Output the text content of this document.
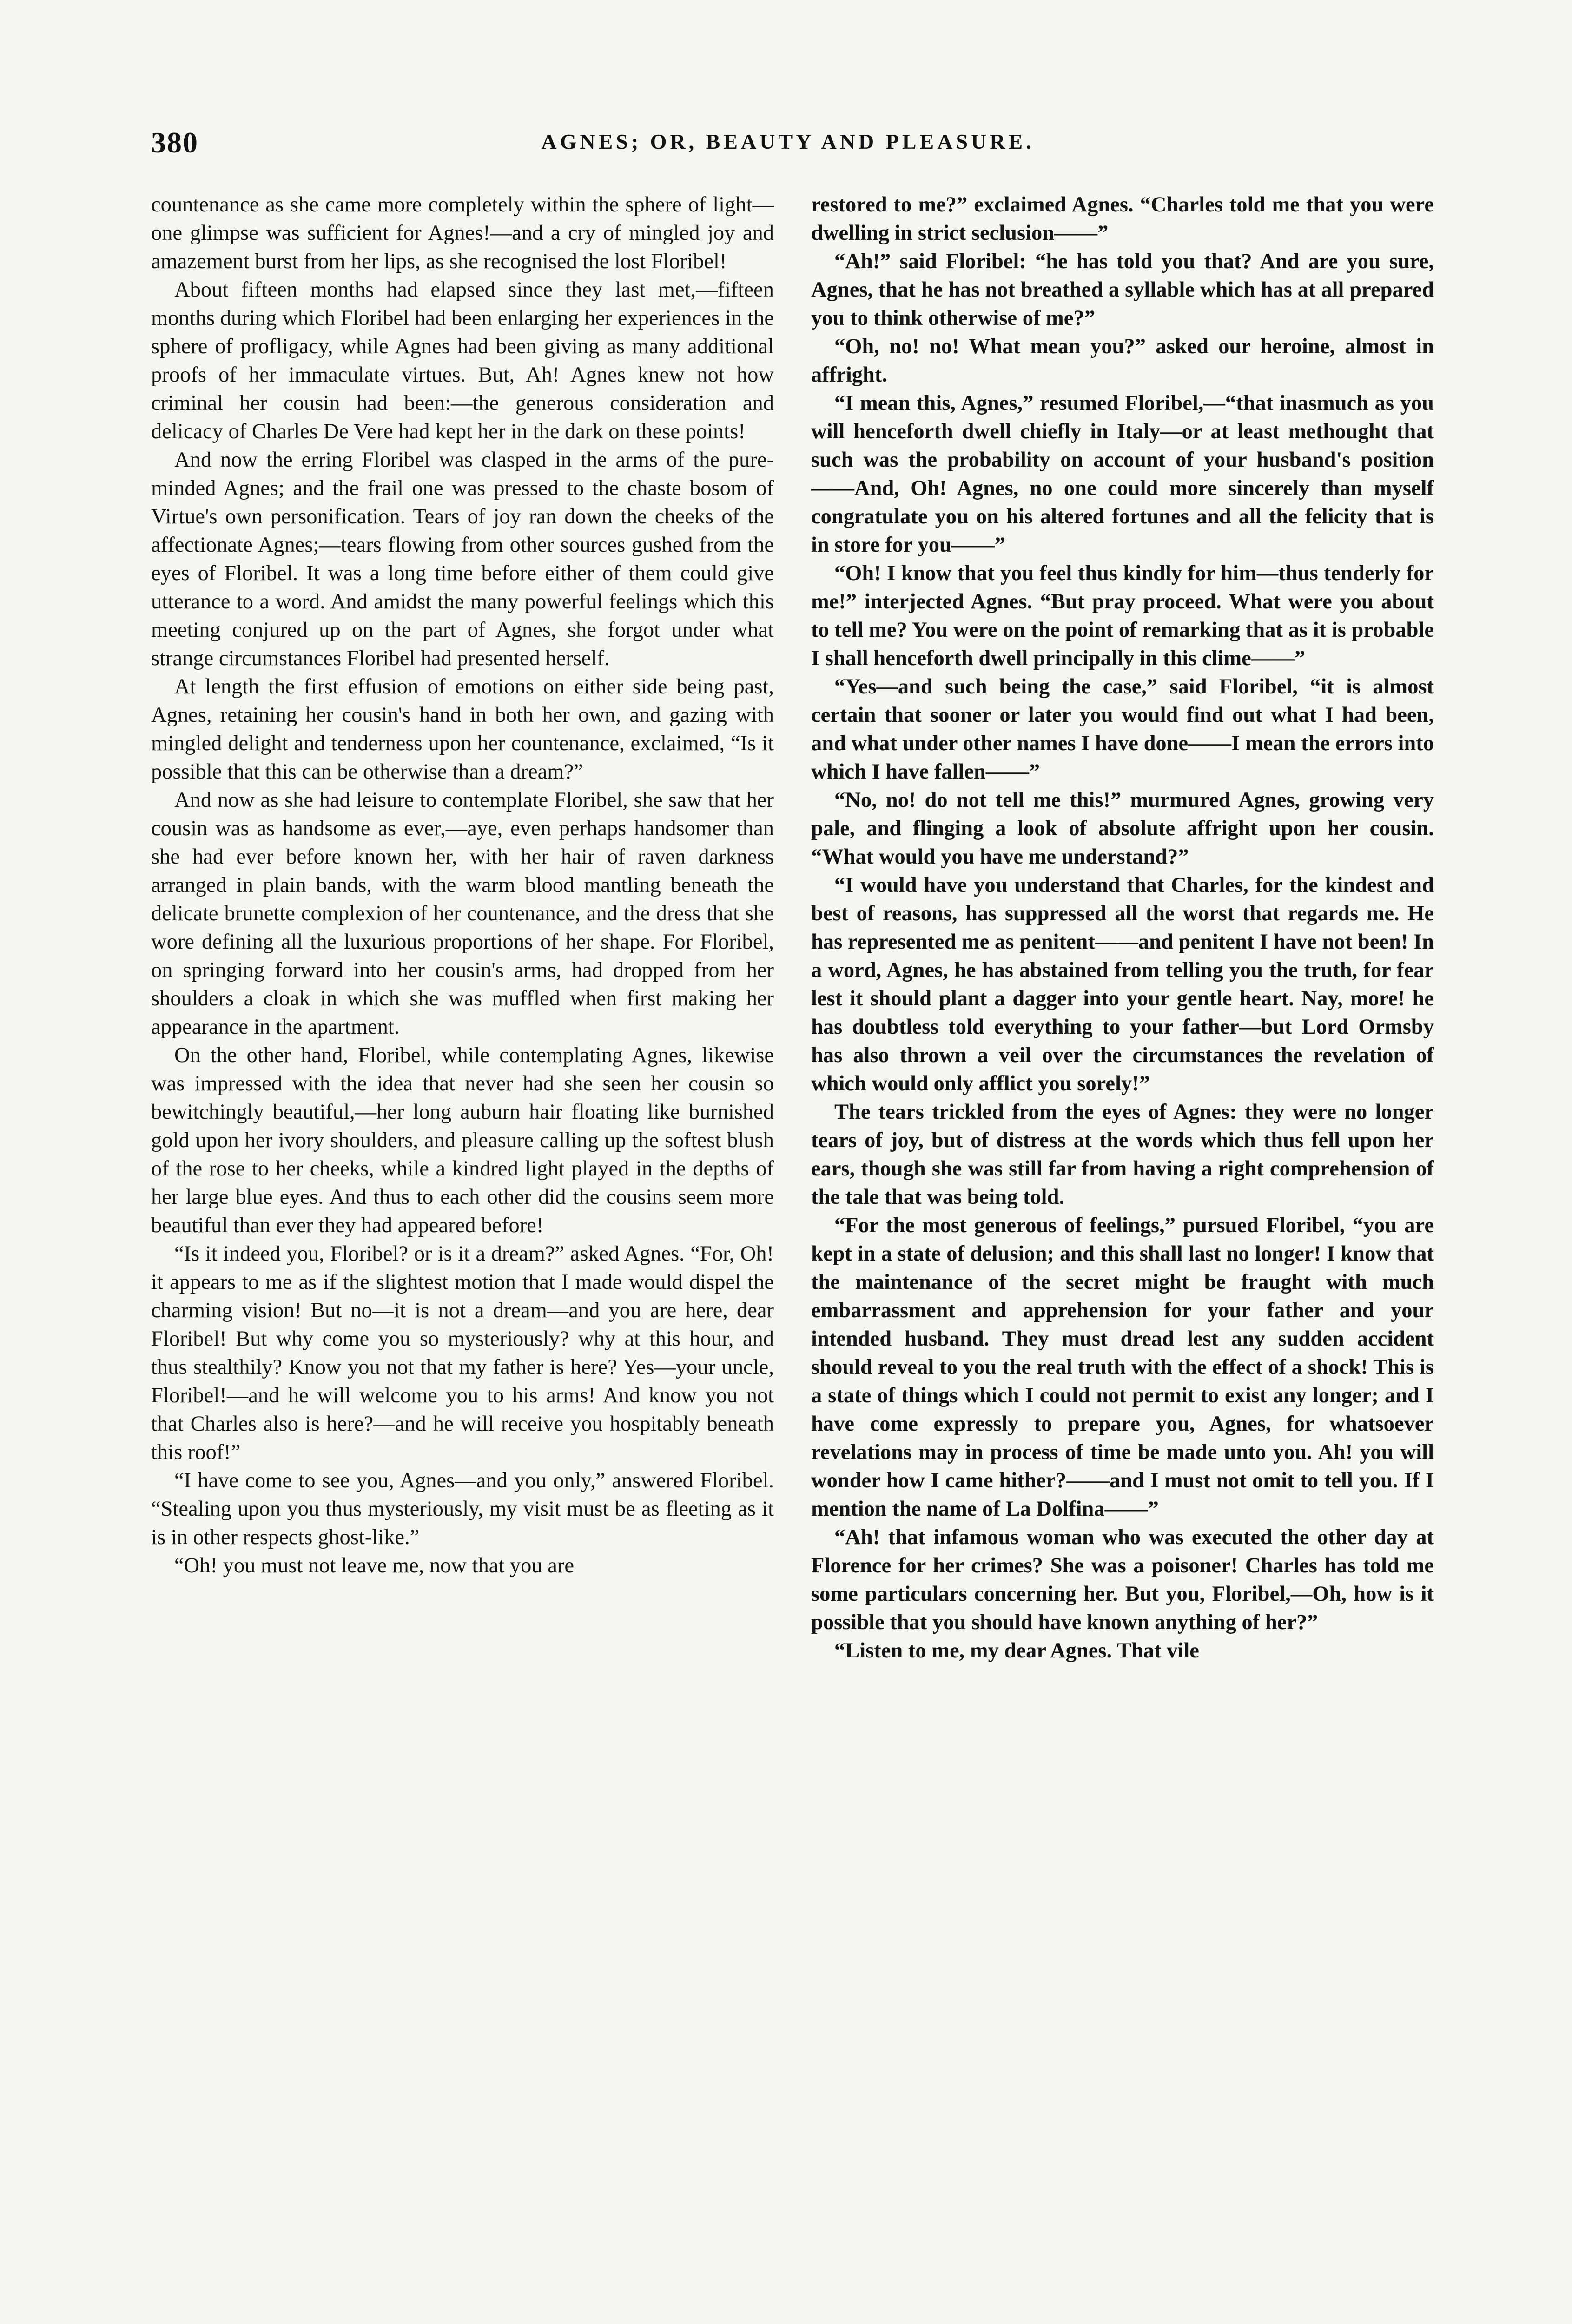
380	AGNES; OR, BEAUTY AND PLEASURE.

countenance as she came more completely within the sphere of light—one glimpse was sufficient for Agnes!—and a cry of mingled joy and amazement burst from her lips, as she recognised the lost Floribel!

About fifteen months had elapsed since they last met,—fifteen months during which Floribel had been enlarging her experiences in the sphere of profligacy, while Agnes had been giving as many additional proofs of her immaculate virtues. But, Ah! Agnes knew not how criminal her cousin had been:—the generous consideration and delicacy of Charles De Vere had kept her in the dark on these points!

And now the erring Floribel was clasped in the arms of the pure-minded Agnes; and the frail one was pressed to the chaste bosom of Virtue's own personification. Tears of joy ran down the cheeks of the affectionate Agnes;—tears flowing from other sources gushed from the eyes of Floribel. It was a long time before either of them could give utterance to a word. And amidst the many powerful feelings which this meeting conjured up on the part of Agnes, she forgot under what strange circumstances Floribel had presented herself.

At length the first effusion of emotions on either side being past, Agnes, retaining her cousin's hand in both her own, and gazing with mingled delight and tenderness upon her countenance, exclaimed, “Is it possible that this can be otherwise than a dream?”

And now as she had leisure to contemplate Floribel, she saw that her cousin was as handsome as ever,—aye, even perhaps handsomer than she had ever before known her, with her hair of raven darkness arranged in plain bands, with the warm blood mantling beneath the delicate brunette complexion of her countenance, and the dress that she wore defining all the luxurious proportions of her shape. For Floribel, on springing forward into her cousin's arms, had dropped from her shoulders a cloak in which she was muffled when first making her appearance in the apartment.

On the other hand, Floribel, while contemplating Agnes, likewise was impressed with the idea that never had she seen her cousin so bewitchingly beautiful,—her long auburn hair floating like burnished gold upon her ivory shoulders, and pleasure calling up the softest blush of the rose to her cheeks, while a kindred light played in the depths of her large blue eyes. And thus to each other did the cousins seem more beautiful than ever they had appeared before!

“Is it indeed you, Floribel? or is it a dream?” asked Agnes. “For, Oh! it appears to me as if the slightest motion that I made would dispel the charming vision! But no—it is not a dream—and you are here, dear Floribel! But why come you so mysteriously? why at this hour, and thus stealthily? Know you not that my father is here? Yes—your uncle, Floribel!—and he will welcome you to his arms! And know you not that Charles also is here?—and he will receive you hospitably beneath this roof!”

“I have come to see you, Agnes—and you only,” answered Floribel. “Stealing upon you thus mysteriously, my visit must be as fleeting as it is in other respects ghost-like.”

“Oh! you must not leave me, now that you are

restored to me?” exclaimed Agnes. “Charles told me that you were dwelling in strict seclusion——”

“Ah!” said Floribel: “he has told you that? And are you sure, Agnes, that he has not breathed a syllable which has at all prepared you to think otherwise of me?”

“Oh, no! no! What mean you?” asked our heroine, almost in affright.

“I mean this, Agnes,” resumed Floribel,—“that inasmuch as you will henceforth dwell chiefly in Italy—or at least methought that such was the probability on account of your husband's position——And, Oh! Agnes, no one could more sincerely than myself congratulate you on his altered fortunes and all the felicity that is in store for you——”

“Oh! I know that you feel thus kindly for him—thus tenderly for me!” interjected Agnes. “But pray proceed. What were you about to tell me? You were on the point of remarking that as it is probable I shall henceforth dwell principally in this clime——”

“Yes—and such being the case,” said Floribel, “it is almost certain that sooner or later you would find out what I had been, and what under other names I have done——I mean the errors into which I have fallen——”

“No, no! do not tell me this!” murmured Agnes, growing very pale, and flinging a look of absolute affright upon her cousin. “What would you have me understand?”

“I would have you understand that Charles, for the kindest and best of reasons, has suppressed all the worst that regards me. He has represented me as penitent——and penitent I have not been! In a word, Agnes, he has abstained from telling you the truth, for fear lest it should plant a dagger into your gentle heart. Nay, more! he has doubtless told everything to your father—but Lord Ormsby has also thrown a veil over the circumstances the revelation of which would only afflict you sorely!”

The tears trickled from the eyes of Agnes: they were no longer tears of joy, but of distress at the words which thus fell upon her ears, though she was still far from having a right comprehension of the tale that was being told.

“For the most generous of feelings,” pursued Floribel, “you are kept in a state of delusion; and this shall last no longer! I know that the maintenance of the secret might be fraught with much embarrassment and apprehension for your father and your intended husband. They must dread lest any sudden accident should reveal to you the real truth with the effect of a shock! This is a state of things which I could not permit to exist any longer; and I have come expressly to prepare you, Agnes, for whatsoever revelations may in process of time be made unto you. Ah! you will wonder how I came hither?——and I must not omit to tell you. If I mention the name of La Dolfina——”

“Ah! that infamous woman who was executed the other day at Florence for her crimes? She was a poisoner! Charles has told me some particulars concerning her. But you, Floribel,—Oh, how is it possible that you should have known anything of her?”

“Listen to me, my dear Agnes. That vile
